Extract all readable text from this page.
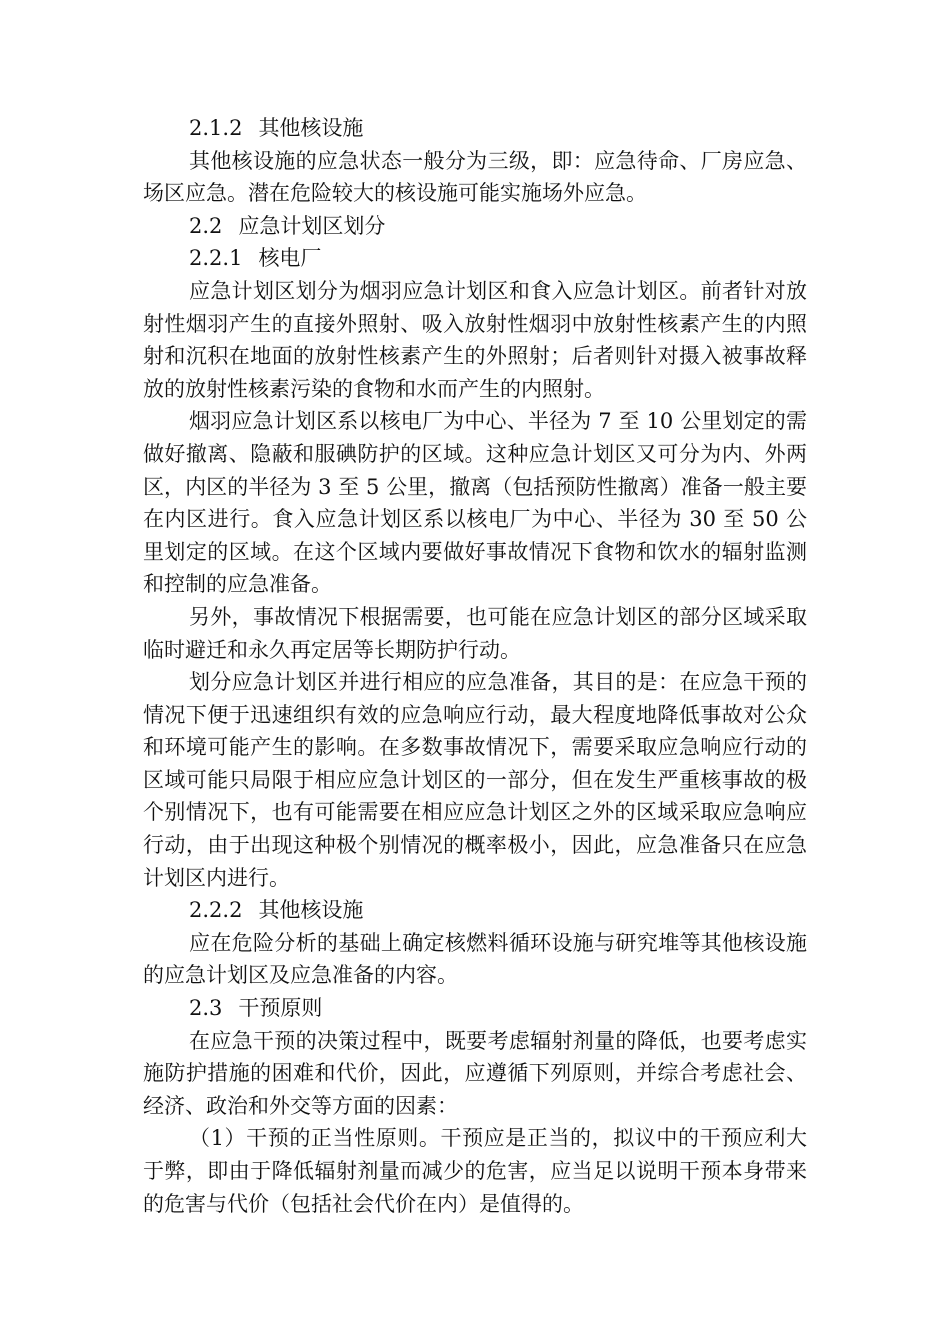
2.1.2 其他核设施

其他核设施的应急状态一般分为三级，即：应急待命、厂房应急、场区应急。潜在危险较大的核设施可能实施场外应急。

2.2 应急计划区划分

2.2.1 核电厂

应急计划区划分为烟羽应急计划区和食入应急计划区。前者针对放射性烟羽产生的直接外照射、吸入放射性烟羽中放射性核素产生的内照射和沉积在地面的放射性核素产生的外照射；后者则针对摄入被事故释放的放射性核素污染的食物和水而产生的内照射。

烟羽应急计划区系以核电厂为中心、半径为 7 至 10 公里划定的需做好撤离、隐蔽和服碘防护的区域。这种应急计划区又可分为内、外两区，内区的半径为 3 至 5 公里，撤离（包括预防性撤离）准备一般主要在内区进行。食入应急计划区系以核电厂为中心、半径为 30 至 50 公里划定的区域。在这个区域内要做好事故情况下食物和饮水的辐射监测和控制的应急准备。

另外，事故情况下根据需要，也可能在应急计划区的部分区域采取临时避迁和永久再定居等长期防护行动。

划分应急计划区并进行相应的应急准备，其目的是：在应急干预的情况下便于迅速组织有效的应急响应行动，最大程度地降低事故对公众和环境可能产生的影响。在多数事故情况下，需要采取应急响应行动的区域可能只局限于相应应急计划区的一部分，但在发生严重核事故的极个别情况下，也有可能需要在相应应急计划区之外的区域采取应急响应行动，由于出现这种极个别情况的概率极小，因此，应急准备只在应急计划区内进行。

2.2.2 其他核设施

应在危险分析的基础上确定核燃料循环设施与研究堆等其他核设施的应急计划区及应急准备的内容。

2.3 干预原则

在应急干预的决策过程中，既要考虑辐射剂量的降低，也要考虑实施防护措施的困难和代价，因此，应遵循下列原则，并综合考虑社会、经济、政治和外交等方面的因素：

（1）干预的正当性原则。干预应是正当的，拟议中的干预应利大于弊，即由于降低辐射剂量而减少的危害，应当足以说明干预本身带来的危害与代价（包括社会代价在内）是值得的。
